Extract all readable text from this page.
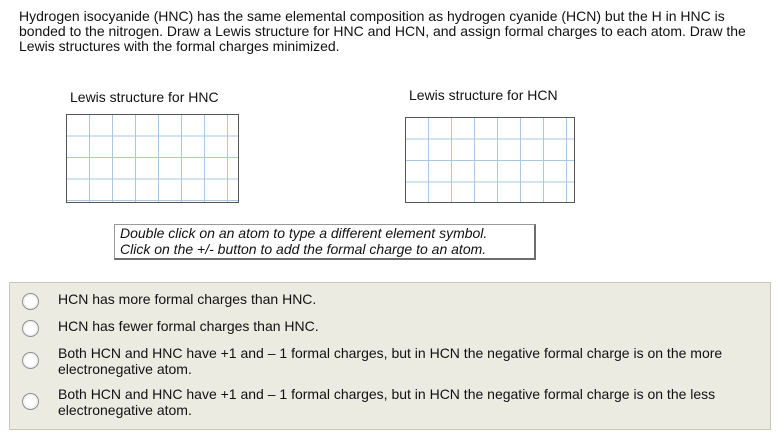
Hydrogen isocyanide (HNC) has the same elemental composition as hydrogen cyanide (HCN) but the H in HNC is bonded to the nitrogen. Draw a Lewis structure for HNC and HCN, and assign formal charges to each atom. Draw the Lewis structures with the formal charges minimized.
Lewis structure for HNC	Lewis structure for HCN
Double click on an atom to type a different element symbol.
Click on the +/- button to add the formal charge to an atom.
HCN has more formal charges than HNC.
HCN has fewer formal charges than HNC.
Both HCN and HNC have +1 and – 1 formal charges, but in HCN the negative formal charge is on the more electronegative atom.
Both HCN and HNC have +1 and – 1 formal charges, but in HCN the negative formal charge is on the less electronegative atom.
